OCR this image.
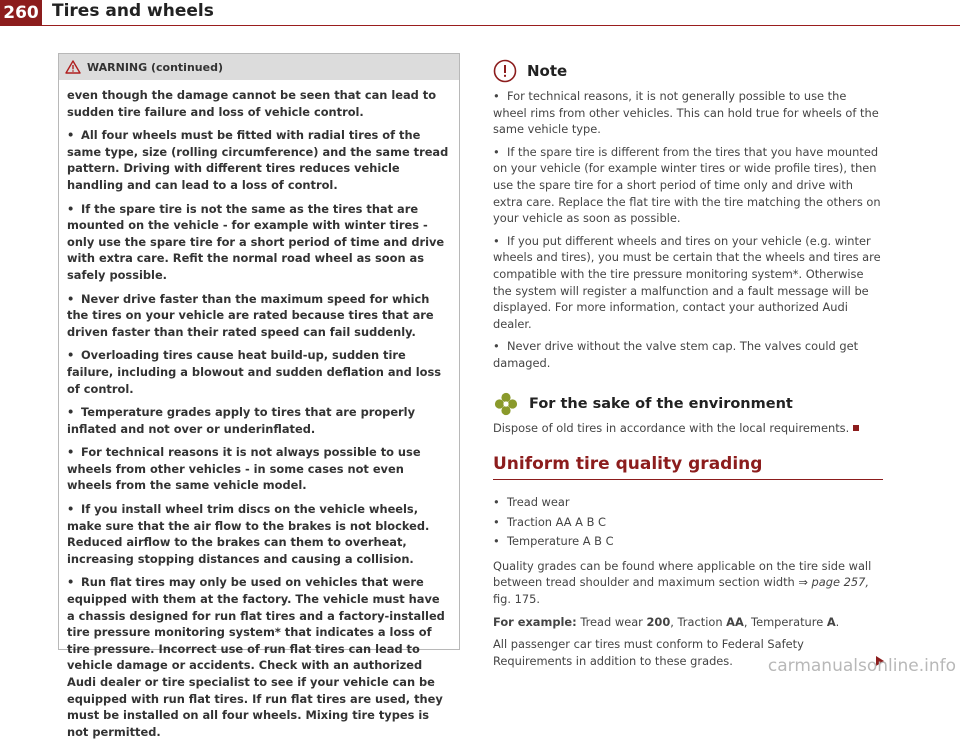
260 Tires and wheels
WARNING (continued)

even though the damage cannot be seen that can lead to sudden tire failure and loss of vehicle control.

• All four wheels must be fitted with radial tires of the same type, size (rolling circumference) and the same tread pattern. Driving with different tires reduces vehicle handling and can lead to a loss of control.

• If the spare tire is not the same as the tires that are mounted on the vehicle - for example with winter tires - only use the spare tire for a short period of time and drive with extra care. Refit the normal road wheel as soon as safely possible.

• Never drive faster than the maximum speed for which the tires on your vehicle are rated because tires that are driven faster than their rated speed can fail suddenly.

• Overloading tires cause heat build-up, sudden tire failure, including a blowout and sudden deflation and loss of control.

• Temperature grades apply to tires that are properly inflated and not over or underinflated.

• For technical reasons it is not always possible to use wheels from other vehicles - in some cases not even wheels from the same vehicle model.

• If you install wheel trim discs on the vehicle wheels, make sure that the air flow to the brakes is not blocked. Reduced airflow to the brakes can them to overheat, increasing stopping distances and causing a collision.

• Run flat tires may only be used on vehicles that were equipped with them at the factory. The vehicle must have a chassis designed for run flat tires and a factory-installed tire pressure monitoring system* that indicates a loss of tire pressure. Incorrect use of run flat tires can lead to vehicle damage or accidents. Check with an authorized Audi dealer or tire specialist to see if your vehicle can be equipped with run flat tires. If run flat tires are used, they must be installed on all four wheels. Mixing tire types is not permitted.

Note

• For technical reasons, it is not generally possible to use the wheel rims from other vehicles. This can hold true for wheels of the same vehicle type.

• If the spare tire is different from the tires that you have mounted on your vehicle (for example winter tires or wide profile tires), then use the spare tire for a short period of time only and drive with extra care. Replace the flat tire with the tire matching the others on your vehicle as soon as possible.

• If you put different wheels and tires on your vehicle (e.g. winter wheels and tires), you must be certain that the wheels and tires are compatible with the tire pressure monitoring system*. Otherwise the system will register a malfunction and a fault message will be displayed. For more information, contact your authorized Audi dealer.

• Never drive without the valve stem cap. The valves could get damaged.

For the sake of the environment

Dispose of old tires in accordance with the local requirements.

Uniform tire quality grading

• Tread wear

• Traction AA A B C

• Temperature A B C

Quality grades can be found where applicable on the tire side wall between tread shoulder and maximum section width ⇒ page 257, fig. 175.

For example: Tread wear 200, Traction AA, Temperature A.

All passenger car tires must conform to Federal Safety Requirements in addition to these grades.	carmanualsonline.info
